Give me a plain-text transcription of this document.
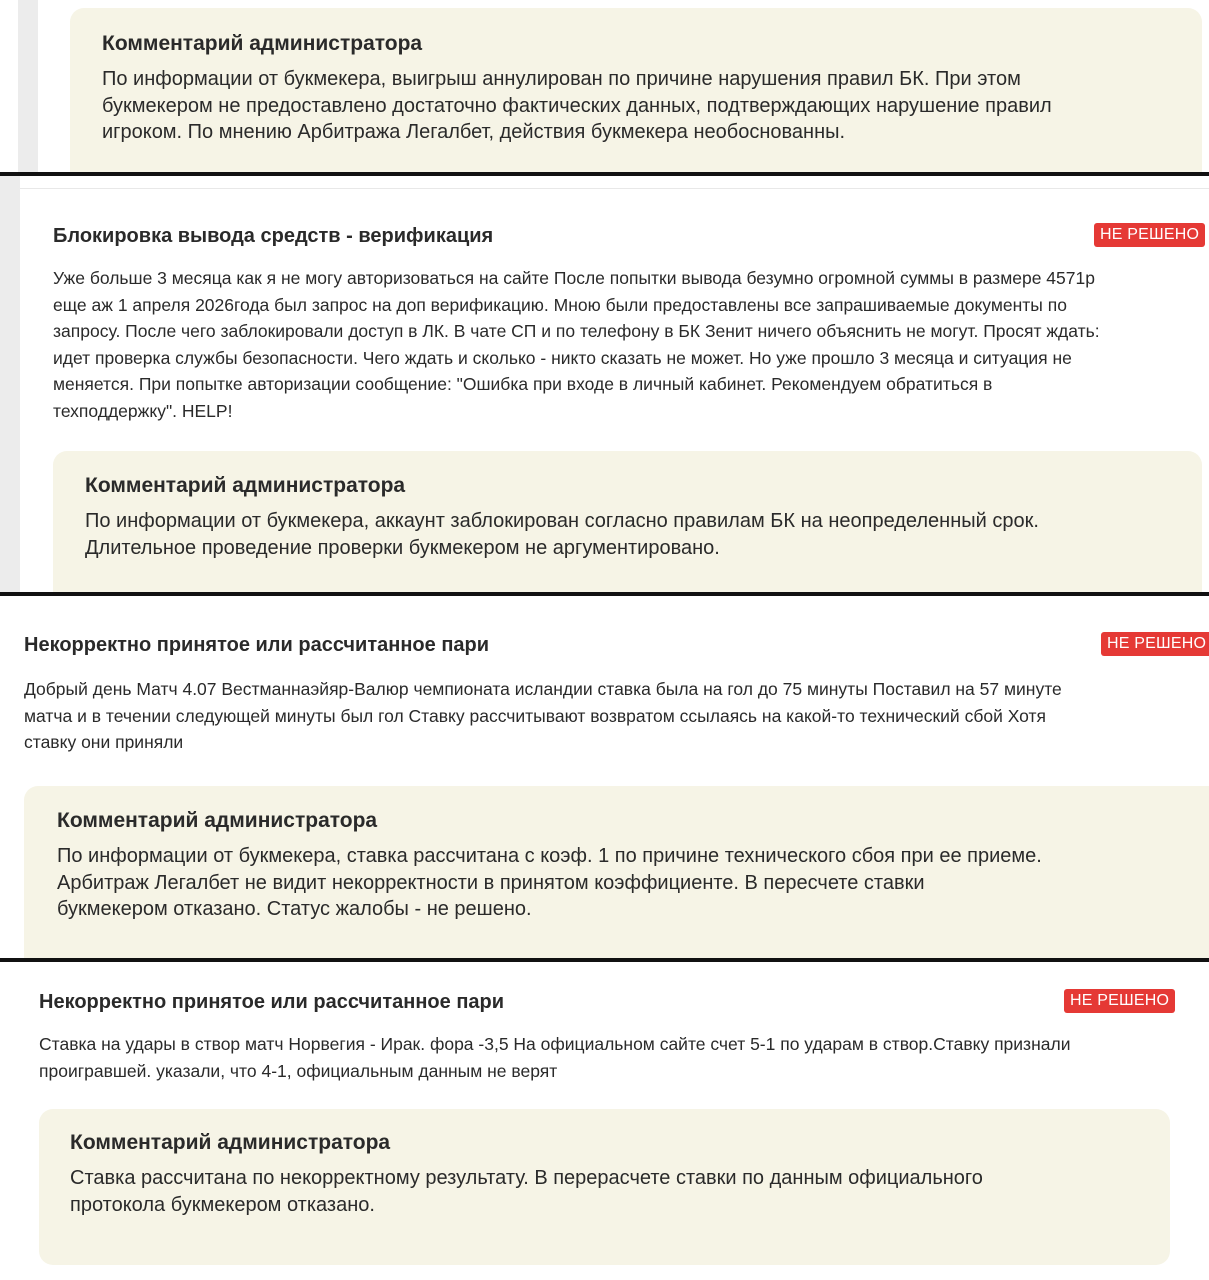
Комментарий администратора
По информации от букмекера, выигрыш аннулирован по причине нарушения правил БК. При этом
букмекером не предоставлено достаточно фактических данных, подтверждающих нарушение правил
игроком. По мнению Арбитража Легалбет, действия букмекера необоснованны.
Блокировка вывода средств - верификация	НЕ РЕШЕНО
Уже больше 3 месяца как я не могу авторизоваться на сайте После попытки вывода безумно огромной суммы в размере 4571р
еще аж 1 апреля 2026года был запрос на доп верификацию. Мною были предоставлены все запрашиваемые документы по
запросу. После чего заблокировали доступ в ЛК. В чате СП и по телефону в БК Зенит ничего объяснить не могут. Просят ждать:
идет проверка службы безопасности. Чего ждать и сколько - никто сказать не может. Но уже прошло 3 месяца и ситуация не
меняется. При попытке авторизации сообщение: "Ошибка при входе в личный кабинет. Рекомендуем обратиться в
техподдержку". HELP!
Комментарий администратора
По информации от букмекера, аккаунт заблокирован согласно правилам БК на неопределенный срок.
Длительное проведение проверки букмекером не аргументировано.
Некорректно принятое или рассчитанное пари	НЕ РЕШЕНО
Добрый день Матч 4.07 Вестманнаэйяр-Валюр чемпионата исландии ставка была на гол до 75 минуты Поставил на 57 минуте
матча и в течении следующей минуты был гол Ставку рассчитывают возвратом ссылаясь на какой-то технический сбой Хотя
ставку они приняли
Комментарий администратора
По информации от букмекера, ставка рассчитана с коэф. 1 по причине технического сбоя при ее приеме.
Арбитраж Легалбет не видит некорректности в принятом коэффициенте. В пересчете ставки
букмекером отказано. Статус жалобы - не решено.
Некорректно принятое или рассчитанное пари	НЕ РЕШЕНО
Ставка на удары в створ матч Норвегия - Ирак. фора -3,5 На официальном сайте счет 5-1 по ударам в створ.Ставку признали
проигравшей. указали, что 4-1, официальным данным не верят
Комментарий администратора
Ставка рассчитана по некорректному результату. В перерасчете ставки по данным официального
протокола букмекером отказано.
